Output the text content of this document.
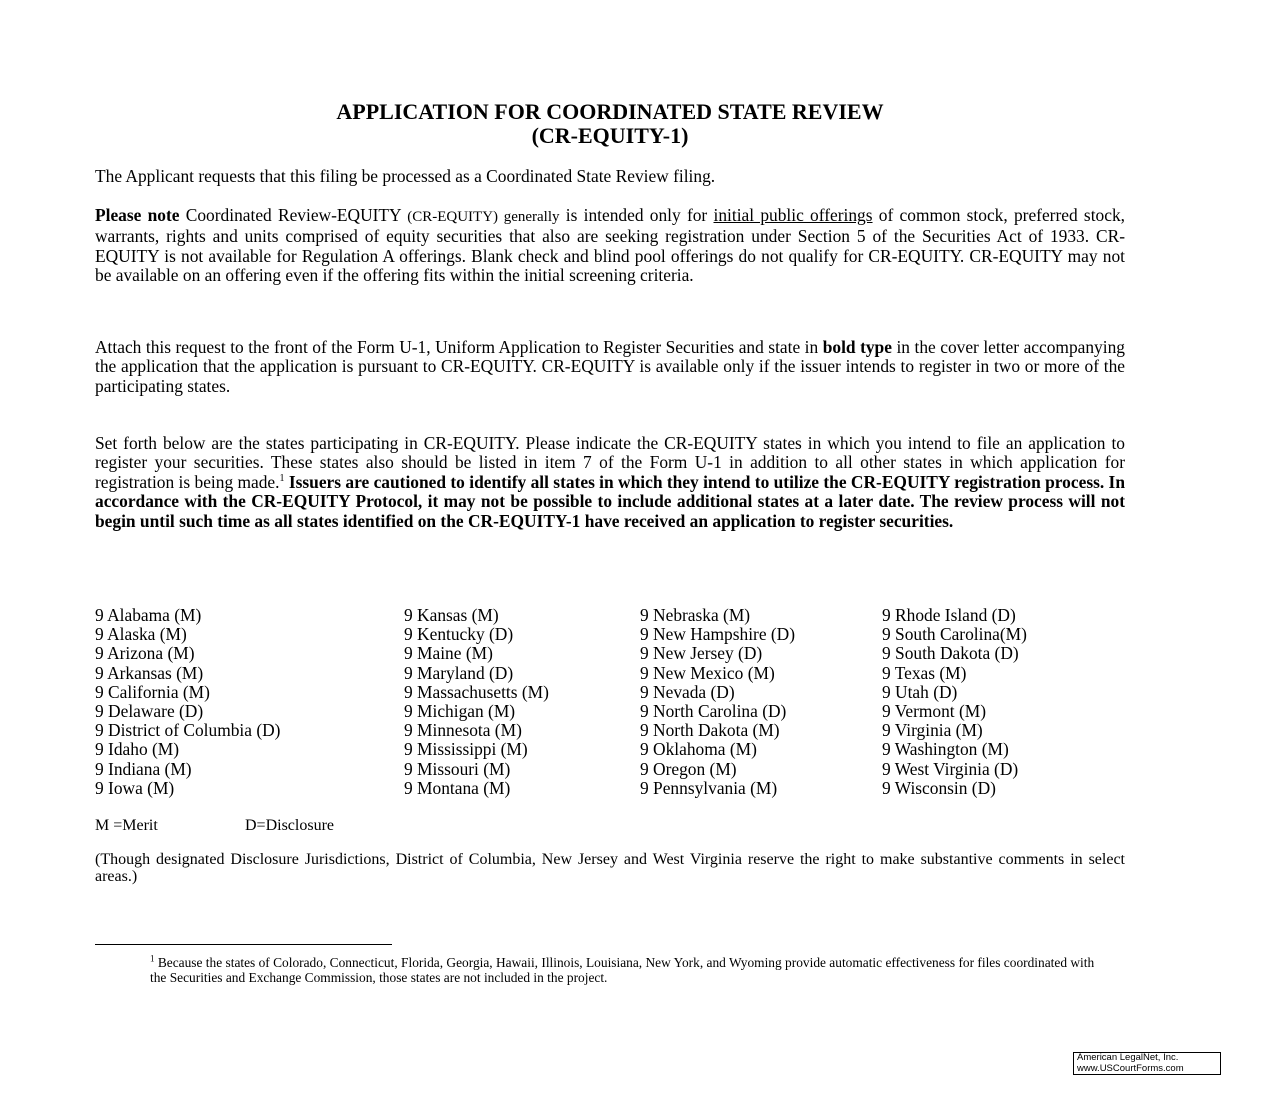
APPLICATION FOR COORDINATED STATE REVIEW
(CR-EQUITY-1)

The Applicant requests that this filing be processed as a Coordinated State Review filing.

Please note Coordinated Review-EQUITY (CR-EQUITY) generally is intended only for initial public offerings of common stock, preferred stock, warrants, rights and units comprised of equity securities that also are seeking registration under Section 5 of the Securities Act of 1933. CR-EQUITY is not available for Regulation A offerings. Blank check and blind pool offerings do not qualify for CR-EQUITY. CR-EQUITY may not be available on an offering even if the offering fits within the initial screening criteria.

Attach this request to the front of the Form U-1, Uniform Application to Register Securities and state in bold type in the cover letter accompanying the application that the application is pursuant to CR-EQUITY. CR-EQUITY is available only if the issuer intends to register in two or more of the participating states.

Set forth below are the states participating in CR-EQUITY. Please indicate the CR-EQUITY states in which you intend to file an application to register your securities. These states also should be listed in item 7 of the Form U-1 in addition to all other states in which application for registration is being made.$^1$ Issuers are cautioned to identify all states in which they intend to utilize the CR-EQUITY registration process. In accordance with the CR-EQUITY Protocol, it may not be possible to include additional states at a later date. The review process will not begin until such time as all states identified on the CR-EQUITY-1 have received an application to register securities.

9 Alabama (M)
9 Alaska (M)
9 Arizona (M)
9 Arkansas (M)
9 California (M)
9 Delaware (D)
9 District of Columbia (D)
9 Idaho (M)
9 Indiana (M)
9 Iowa (M)
9 Kansas (M)
9 Kentucky (D)
9 Maine (M)
9 Maryland (D)
9 Massachusetts (M)
9 Michigan (M)
9 Minnesota (M)
9 Mississippi (M)
9 Missouri (M)
9 Montana (M)
9 Nebraska (M)
9 New Hampshire (D)
9 New Jersey (D)
9 New Mexico (M)
9 Nevada (D)
9 North Carolina (D)
9 North Dakota (M)
9 Oklahoma (M)
9 Oregon (M)
9 Pennsylvania (M)
9 Rhode Island (D)
9 South Carolina(M)
9 South Dakota (D)
9 Texas (M)
9 Utah (D)
9 Vermont (M)
9 Virginia (M)
9 Washington (M)
9 West Virginia (D)
9 Wisconsin (D)
M =Merit	D=Disclosure

(Though designated Disclosure Jurisdictions, District of Columbia, New Jersey and West Virginia reserve the right to make substantive comments in select areas.)

$^1$ Because the states of Colorado, Connecticut, Florida, Georgia, Hawaii, Illinois, Louisiana, New York, and Wyoming provide automatic effectiveness for files coordinated with the Securities and Exchange Commission, those states are not included in the project.

American LegalNet, Inc.
www.USCourtForms.com
